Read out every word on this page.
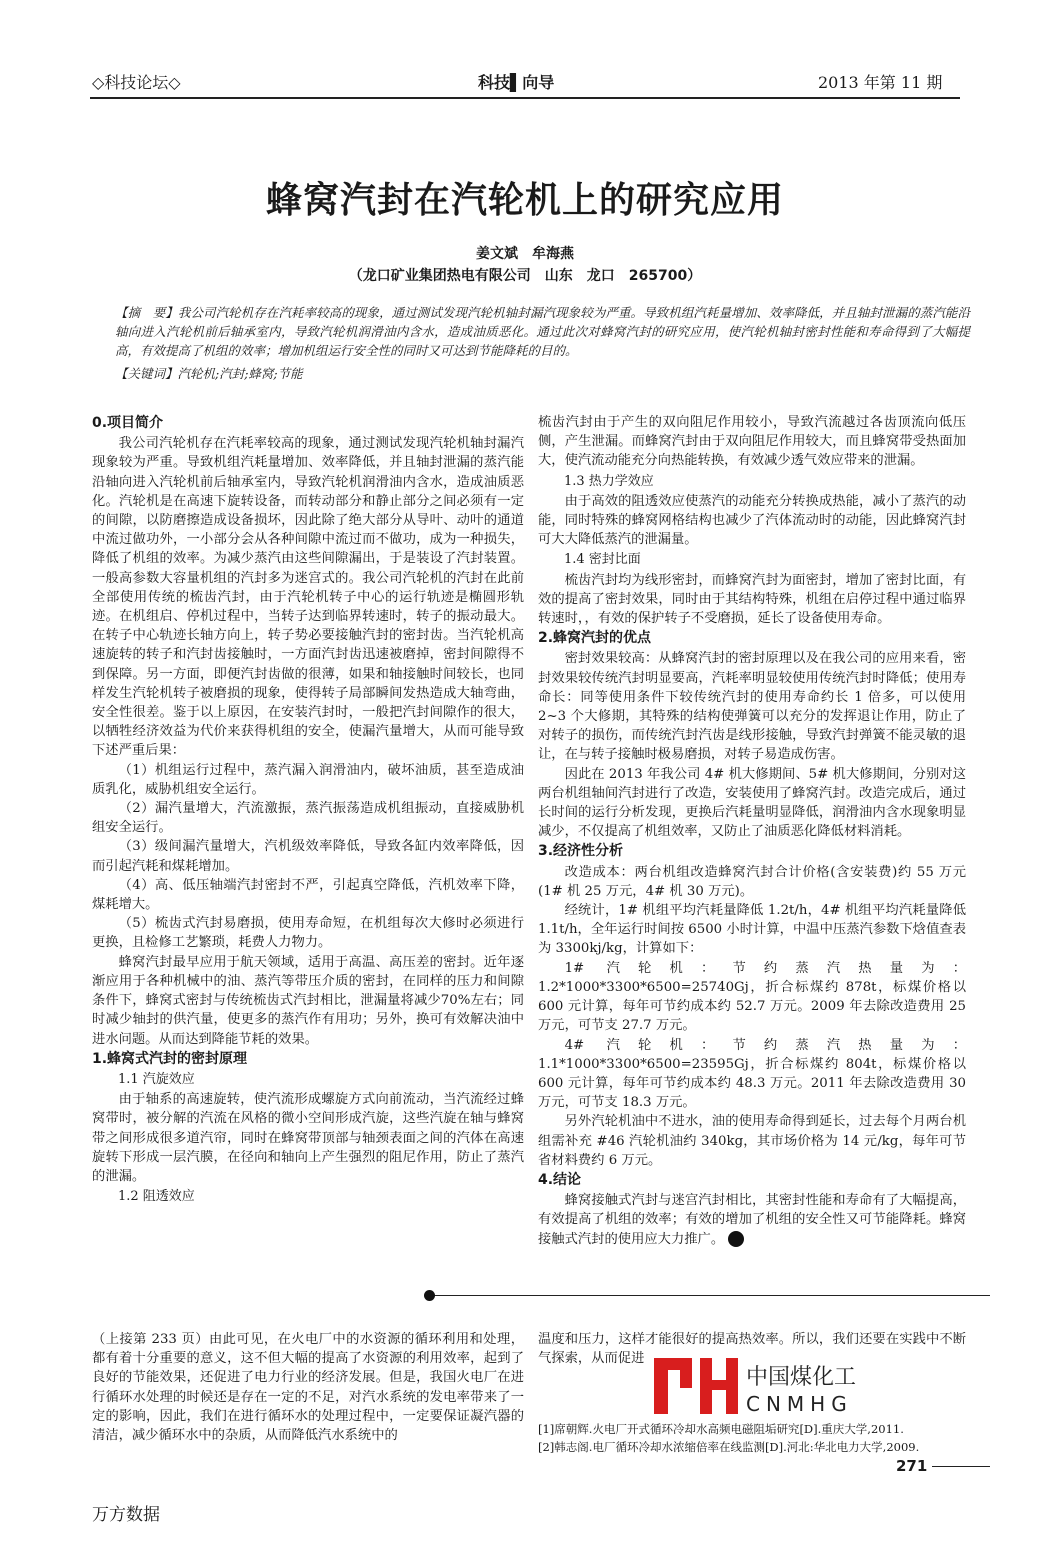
◇科技论坛◇	科技▌向导	2013 年第 11 期
蜂窝汽封在汽轮机上的研究应用
姜文斌　牟海燕
（龙口矿业集团热电有限公司　山东　龙口　265700）
【摘　要】我公司汽轮机存在汽耗率较高的现象，通过测试发现汽轮机轴封漏汽现象较为严重。导致机组汽耗量增加、效率降低，并且轴封泄漏的蒸汽能沿轴向进入汽轮机前后轴承室内，导致汽轮机润滑油内含水，造成油质恶化。通过此次对蜂窝汽封的研究应用，使汽轮机轴封密封性能和寿命得到了大幅提高，有效提高了机组的效率；增加机组运行安全性的同时又可达到节能降耗的目的。
【关键词】汽轮机;汽封;蜂窝;节能
0.项目简介

我公司汽轮机存在汽耗率较高的现象，通过测试发现汽轮机轴封漏汽现象较为严重。导致机组汽耗量增加、效率降低，并且轴封泄漏的蒸汽能沿轴向进入汽轮机前后轴承室内，导致汽轮机润滑油内含水，造成油质恶化。汽轮机是在高速下旋转设备，而转动部分和静止部分之间必须有一定的间隙，以防磨擦造成设备损坏，因此除了绝大部分从导叶、动叶的通道中流过做功外，一小部分会从各种间隙中流过而不做功，成为一种损失，降低了机组的效率。为减少蒸汽由这些间隙漏出，于是装设了汽封装置。一般高参数大容量机组的汽封多为迷宫式的。我公司汽轮机的汽封在此前全部使用传统的梳齿汽封，由于汽轮机转子中心的运行轨迹是椭圆形轨迹。在机组启、停机过程中，当转子达到临界转速时，转子的振动最大。在转子中心轨迹长轴方向上，转子势必要接触汽封的密封齿。当汽轮机高速旋转的转子和汽封齿接触时，一方面汽封齿迅速被磨掉，密封间隙得不到保障。另一方面，即便汽封齿做的很薄，如果和轴接触时间较长，也同样发生汽轮机转子被磨损的现象，使得转子局部瞬间发热造成大轴弯曲，安全性很差。鉴于以上原因，在安装汽封时，一般把汽封间隙作的很大，以牺牲经济效益为代价来获得机组的安全，使漏汽量增大，从而可能导致下述严重后果：

（1）机组运行过程中，蒸汽漏入润滑油内，破坏油质，甚至造成油质乳化，威胁机组安全运行。

（2）漏汽量增大，汽流激振，蒸汽振荡造成机组振动，直接威胁机组安全运行。

（3）级间漏汽量增大，汽机级效率降低，导致各缸内效率降低，因而引起汽耗和煤耗增加。

（4）高、低压轴端汽封密封不严，引起真空降低，汽机效率下降，煤耗增大。

（5）梳齿式汽封易磨损，使用寿命短，在机组每次大修时必须进行更换，且检修工艺繁琐，耗费人力物力。

蜂窝汽封最早应用于航天领域，适用于高温、高压差的密封。近年逐渐应用于各种机械中的油、蒸汽等带压介质的密封，在同样的压力和间隙条件下，蜂窝式密封与传统梳齿式汽封相比，泄漏量将减少70%左右；同时减少轴封的供汽量，使更多的蒸汽作有用功；另外，换可有效解决油中进水问题。从而达到降能节耗的效果。

1.蜂窝式汽封的密封原理
1.1 汽旋效应

由于轴系的高速旋转，使汽流形成螺旋方式向前流动，当汽流经过蜂窝带时，被分解的汽流在风格的微小空间形成汽旋，这些汽旋在轴与蜂窝带之间形成很多道汽帘，同时在蜂窝带顶部与轴颈表面之间的汽体在高速旋转下形成一层汽膜，在径向和轴向上产生强烈的阻尼作用，防止了蒸汽的泄漏。

1.2 阻透效应

梳齿汽封由于产生的双向阻尼作用较小，导致汽流越过各齿顶流向低压侧，产生泄漏。而蜂窝汽封由于双向阻尼作用较大，而且蜂窝带受热面加大，使汽流动能充分向热能转换，有效减少透气效应带来的泄漏。

1.3 热力学效应

由于高效的阻透效应使蒸汽的动能充分转换成热能，减小了蒸汽的动能，同时特殊的蜂窝网格结构也减少了汽体流动时的动能，因此蜂窝汽封可大大降低蒸汽的泄漏量。

1.4 密封比面

梳齿汽封均为线形密封，而蜂窝汽封为面密封，增加了密封比面，有效的提高了密封效果，同时由于其结构特殊，机组在启停过程中通过临界转速时，，有效的保护转子不受磨损，延长了设备使用寿命。

2.蜂窝汽封的优点

密封效果较高：从蜂窝汽封的密封原理以及在我公司的应用来看，密封效果较传统汽封明显要高，汽耗率明显较使用传统汽封时降低；使用寿命长：同等使用条件下较传统汽封的使用寿命约长 1 倍多，可以使用 2~3 个大修期，其特殊的结构使弹簧可以充分的发挥退让作用，防止了对转子的损伤，而传统汽封汽齿是线形接触，导致汽封弹簧不能灵敏的退让，在与转子接触时极易磨损，对转子易造成伤害。

因此在 2013 年我公司 4# 机大修期间、5# 机大修期间，分别对这两台机组轴间汽封进行了改造，安装使用了蜂窝汽封。改造完成后，通过长时间的运行分析发现，更换后汽耗量明显降低，润滑油内含水现象明显减少，不仅提高了机组效率，又防止了油质恶化降低材料消耗。

3.经济性分析

改造成本：两台机组改造蜂窝汽封合计价格(含安装费)约 55 万元(1# 机 25 万元，4# 机 30 万元)。

经统计，1# 机组平均汽耗量降低 1.2t/h，4# 机组平均汽耗量降低 1.1t/h，全年运行时间按 6500 小时计算，中温中压蒸汽参数下焓值查表为 3300kj/kg，计算如下：

1# 汽轮机：节约蒸汽热量为：1.2*1000*3300*6500=25740Gj，折合标煤约 878t，标煤价格以 600 元计算，每年可节约成本约 52.7 万元。2009 年去除改造费用 25 万元，可节支 27.7 万元。

4# 汽轮机：节约蒸汽热量为：1.1*1000*3300*6500=23595Gj，折合标煤约 804t，标煤价格以 600 元计算，每年可节约成本约 48.3 万元。2011 年去除改造费用 30 万元，可节支 18.3 万元。

另外汽轮机油中不进水，油的使用寿命得到延长，过去每个月两台机组需补充 #46 汽轮机油约 340kg，其市场价格为 14 元/kg，每年可节省材料费约 6 万元。

4.结论

蜂窝接触式汽封与迷宫汽封相比，其密封性能和寿命有了大幅提高，有效提高了机组的效率；有效的增加了机组的安全性又可节能降耗。蜂窝接触式汽封的使用应大力推广。

（上接第 233 页）由此可见，在火电厂中的水资源的循环利用和处理，都有着十分重要的意义，这不但大幅的提高了水资源的利用效率，起到了良好的节能效果，还促进了电力行业的经济发展。但是，我国火电厂在进行循环水处理的时候还是存在一定的不足，对汽水系统的发电率带来了一定的影响，因此，我们在进行循环水的处理过程中，一定要保证凝汽器的清洁，减少循环水中的杂质，从而降低汽水系统中的

温度和压力，这样才能很好的提高热效率。所以，我们还要在实践中不断气探索，从而促进

[1]席朝辉.火电厂开式循环冷却水高频电磁阻垢研究[D].重庆大学,2011.
[2]韩志阁.电厂循环冷却水浓缩倍率在线监测[D].河北:华北电力大学,2009.
中国煤化工
CNMHG
271
万方数据
